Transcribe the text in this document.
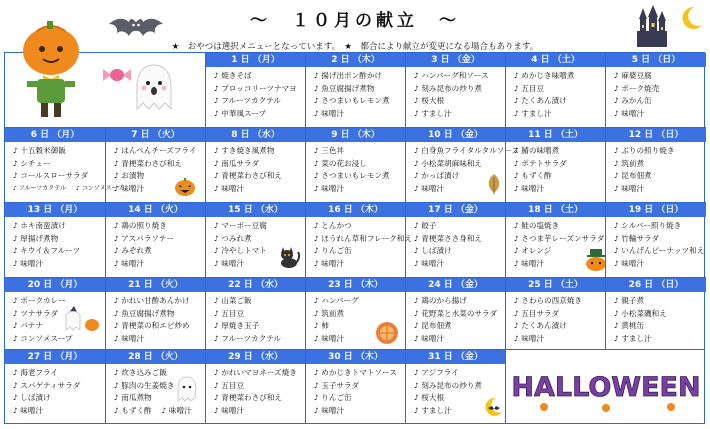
～　１０月の献立　～
★　おやつは選択メニューとなっています。　★　都合により献立が変更になる場合もあります。
HALLOWEEN
1 日 （月）
♪ 焼きそば
♪ ブロッコリーツナマヨ
♪ フルーツカクテル
♪ 中華風スープ
2 日 （木）
♪ 揚げ出ポン酢かけ
♪ 魚豆腐揚げ煮物
♪ さつまいもレモン煮
♪ 味噌汁
3 日 （金）
♪ ハンバーグ和ソース
♪ 刻み昆布の炒り煮
♪ 桜大根
♪ すまし汁
4 日 （土）
♪ めかじき味噌煮
♪ 五目豆
♪ たくあん漬け
♪ すまし汁
5 日 （日）
♪ 麻婆豆腐
♪ ポーク焼売
♪ みかん缶
♪ 味噌汁
6 日 （月）
♪ 十五穀米御飯
♪ シチュー
♪ コールスローサラダ
♪ フルーツカクテル ♪ コンソメスープ
7 日 （火）
♪ はんぺんチーズフライ
♪ 青梗菜わさび和え
♪ お漬物
♪ 味噌汁
8 日 （水）
♪ すき焼き風煮物
♪ 南瓜サラダ
♪ 青梗菜わさび和え
♪ 味噌汁
9 日 （木）
♪ 三色丼
♪ 菜の花お浸し
♪ さつまいもレモン煮
♪ 味噌汁
10 日 （金）
♪ 白身魚フライタルタルソース
♪ 小松菜胡麻味和え
♪ かっぱ漬け
♪ 味噌汁
11 日 （土）
♪ 鯖の味噌煮
♪ ポテトサラダ
♪ もずく酢
♪ 味噌汁
12 日 （日）
♪ ぶりの照り焼き
♪ 筑前煮
♪ 昆布佃煮
♪ 味噌汁
13 日 （月）
♪ ホキ南蛮漬け
♪ 厚揚げ煮物
♪ キウイ＆フルーツ
♪ 味噌汁
14 日 （火）
♪ 鶏の照り焼き
♪ アスパラソテー
♪ みぞれ煮
♪ 味噌汁
15 日 （水）
♪ マーボー豆腐
♪ つみれ煮
♪ 冷やしトマト
♪ 味噌汁
16 日 （木）
♪ とんかつ
♪ ほうれん草和フレーク和え
♪ りんご缶
♪ 味噌汁
17 日 （金）
♪ 餃子
♪ 青梗菜ささ身和え
♪ しば漬け
♪ 味噌汁
18 日 （土）
♪ 鮭の塩焼き
♪ さつま芋レーズンサラダ
♪ オレンジ
♪ 味噌汁
19 日 （日）
♪ シルバー照り焼き
♪ 竹輪サラダ
♪ いんげんピーナッツ和え
♪ 味噌汁
20 日 （月）
♪ ポークカレー
♪ ツナサラダ
♪ バナナ
♪ コンソメスープ
21 日 （火）
♪ かれい甘酢あんかけ
♪ 魚豆腐揚げ煮物
♪ 青梗菜の和エビ炒め
♪ 味噌汁
22 日 （水）
♪ 山菜ご飯
♪ 五目豆
♪ 厚焼き玉子
♪ フルーツカクテル
23 日 （木）
♪ ハンバーグ
♪ 筑前煮
♪ 柿
♪ 味噌汁
24 日 （金）
♪ 鶏のから揚げ
♪ 花野菜と水菜のサラダ
♪ 昆布佃煮
♪ 味噌汁
25 日 （土）
♪ さわらの西京焼き
♪ 五目サラダ
♪ たくあん漬け
♪ 味噌汁
26 日 （日）
♪ 親子煮
♪ 小松菜磯和え
♪ 黄桃缶
♪ すまし汁
27 日 （月）
♪ 海老フライ
♪ スパゲティサラダ
♪ しば漬け
♪ 味噌汁
28 日 （火）
♪ 炊き込みご飯
♪ 豚肉の生姜焼き
♪ 南瓜煮物
♪ もずく酢 ♪ 味噌汁
29 日 （水）
♪ かれいマヨネーズ焼き
♪ 五目豆
♪ 青梗菜わさび和え
♪ 味噌汁
30 日 （木）
♪ めかじきトマトソース
♪ 玉子サラダ
♪ りんご缶
♪ 味噌汁
31 日 （金）
♪ アジフライ
♪ 刻み昆布の炒り煮
♪ 桜大根
♪ すまし汁
